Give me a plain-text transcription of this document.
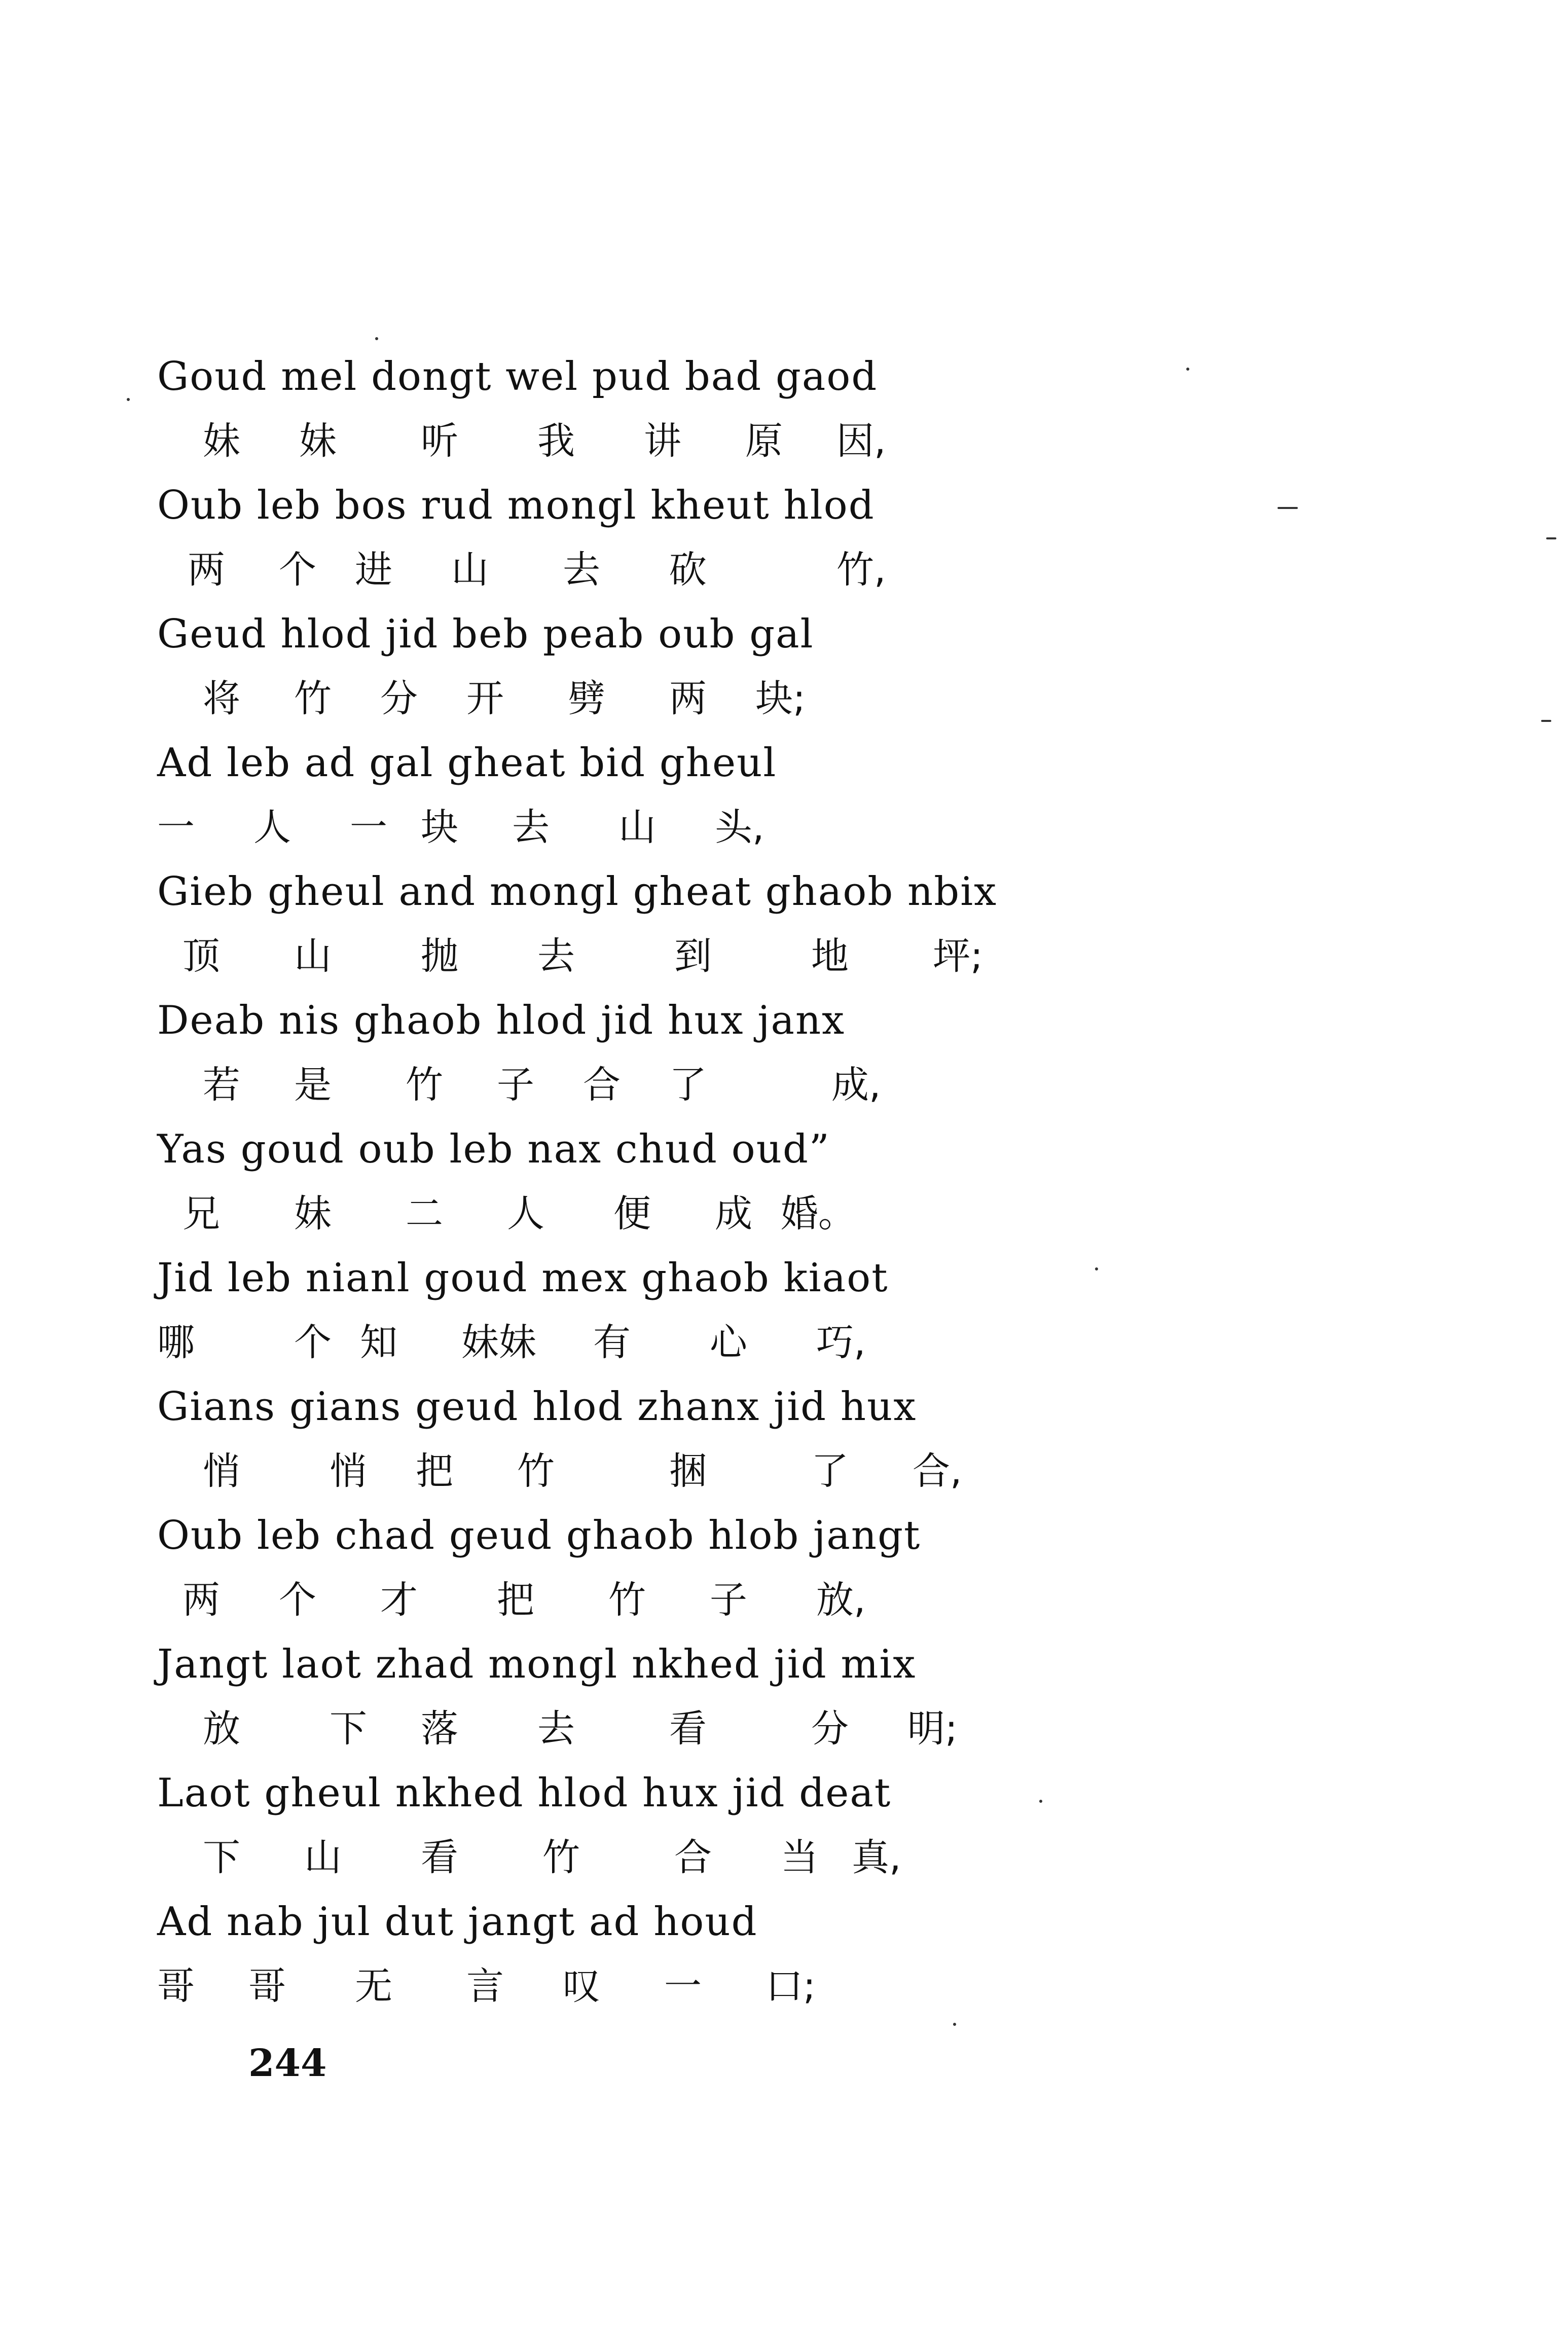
Goud mel dongt wel pud bad gaod
妹 妹 听 我 讲 原 因,
Oub leb bos rud mongl kheut hlod
两 个 进 山 去 砍	竹,
Geud hlod jid beb peab oub gal
将 竹 分 开 劈 两 块;
Ad leb ad gal gheat bid gheul
一 人 一 块 去 山 头,
Gieb gheul and mongl gheat ghaob nbix
顶 山 抛 去	到	地 坪;
Deab nis ghaob hlod jid hux janx
若 是 竹 子 合 了	成,
Yas goud oub leb nax chud oud”
兄 妹 二 人 便 成 婚。
Jid leb nianl goud mex ghaob kiaot
哪	个 知 妹妹 有 心 巧,
Gians gians geud hlod zhanx jid hux
悄 悄 把 竹	捆	了 合,
Oub leb chad geud ghaob hlob jangt
两 个 才 把 竹 子 放,
Jangt laot zhad mongl nkhed jid mix
放 下 落 去	看	分 明;
Laot gheul nkhed hlod hux jid deat
下 山 看 竹	合 当 真,
Ad nab jul dut jangt ad houd
哥 哥 无 言 叹 一 口;
244
